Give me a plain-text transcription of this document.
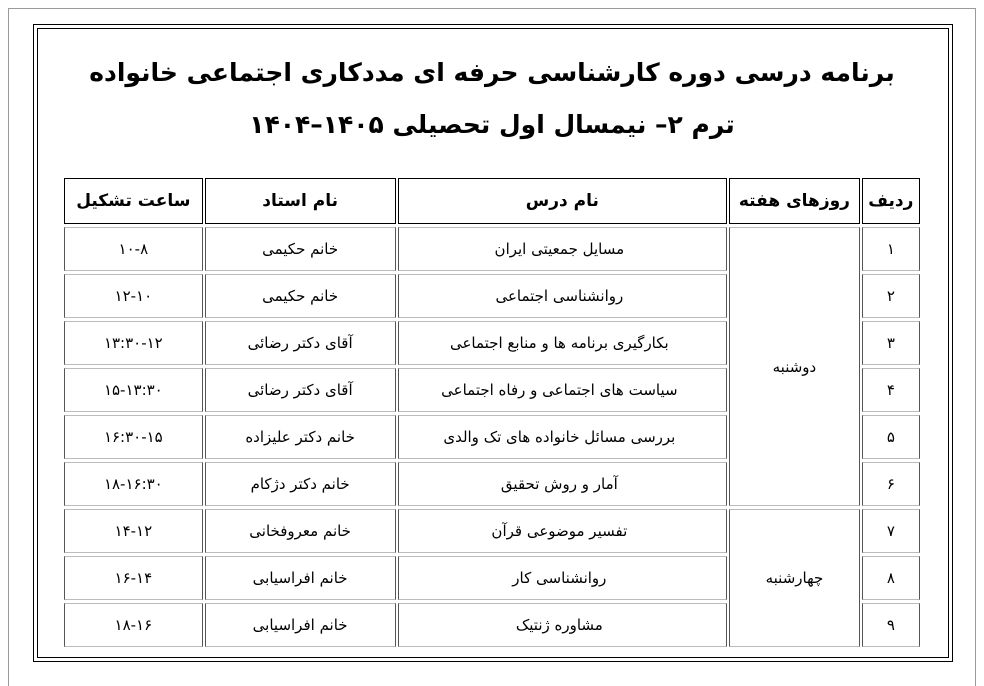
برنامه درسی دوره کارشناسی حرفه ای مددکاری اجتماعی خانواده
ترم ۲– نیمسال اول تحصیلی ۱۴۰۵–۱۴۰۴
ردیف	روزهای هفته	نام درس	نام استاد	ساعت تشکیل
۱	دوشنبه	مسایل جمعیتی ایران	خانم حکیمی	۱۰-۸
۲		روانشناسی اجتماعی	خانم حکیمی	۱۲-۱۰
۳		بکارگیری برنامه ها و منابع اجتماعی	آقای دکتر رضائی	۱۳:۳۰-۱۲
۴		سیاست های اجتماعی و رفاه اجتماعی	آقای دکتر رضائی	۱۵-۱۳:۳۰
۵		بررسی مسائل خانواده های تک والدی	خانم دکتر علیزاده	۱۶:۳۰-۱۵
۶		آمار و روش تحقیق	خانم دکتر دژکام	۱۸-۱۶:۳۰
۷	چهارشنبه	تفسیر موضوعی قرآن	خانم معروفخانی	۱۴-۱۲
۸		روانشناسی کار	خانم افراسیابی	۱۶-۱۴
۹		مشاوره ژنتیک	خانم افراسیابی	۱۸-۱۶
